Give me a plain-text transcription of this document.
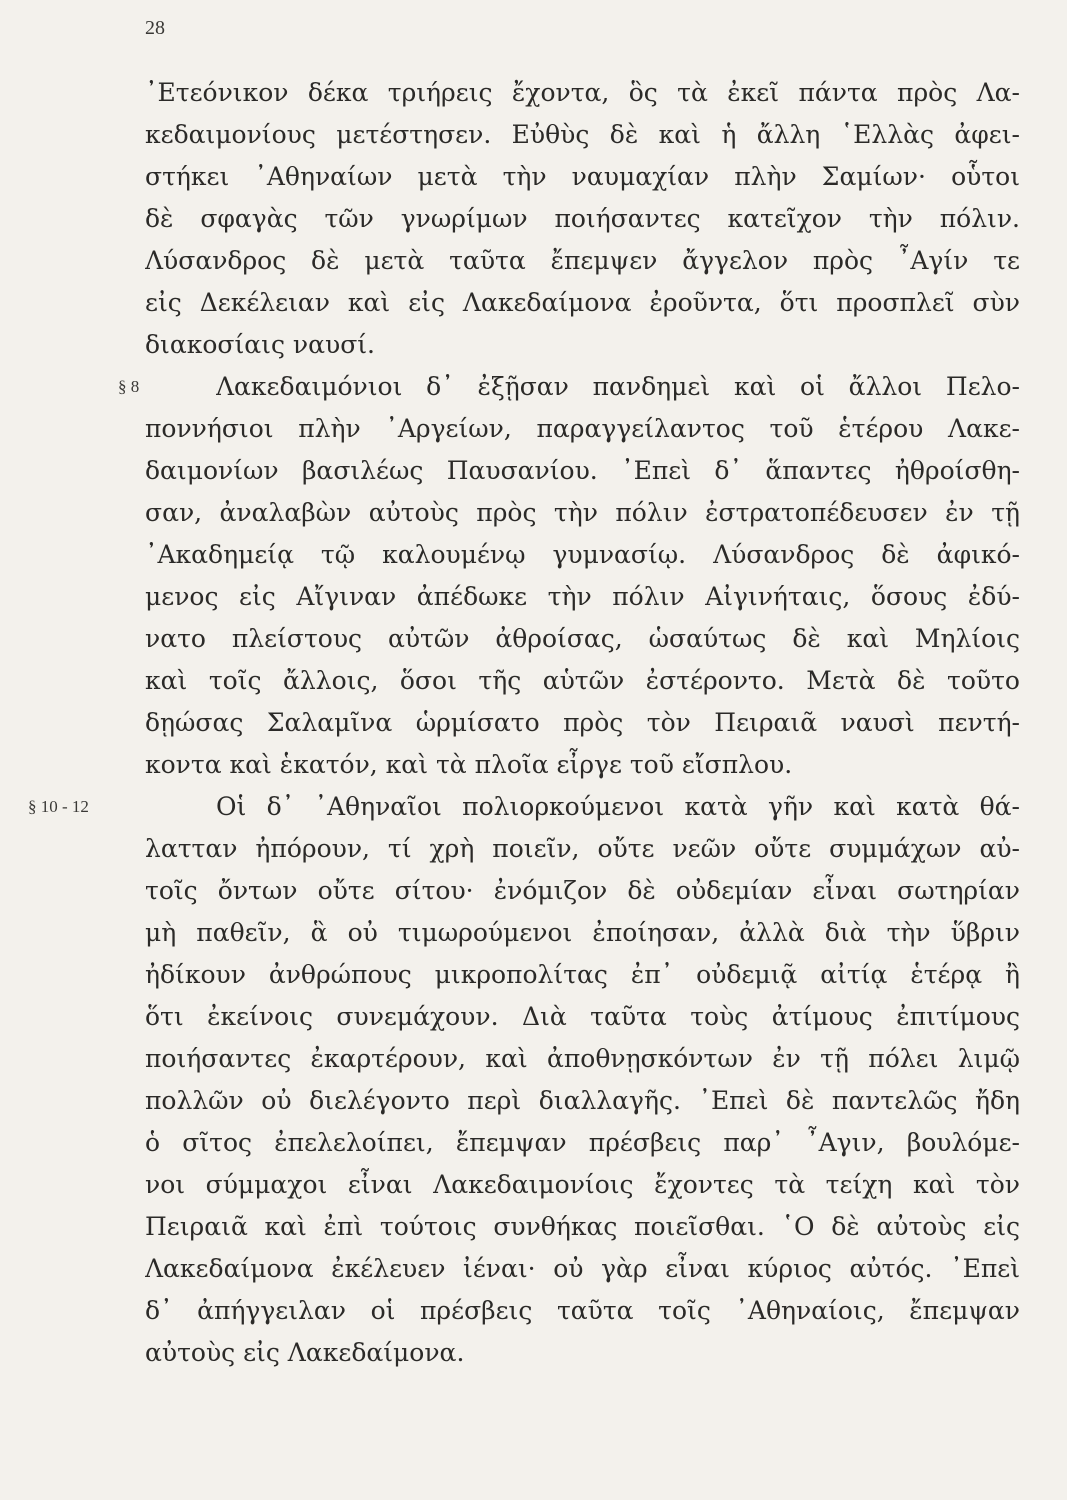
28
᾿Ετεόνικον δέκα τριήρεις ἔχοντα, ὃς τὰ ἐκεῖ πάντα πρὸς Λα-
κεδαιμονίους μετέστησεν. Εὐθὺς δὲ καὶ ἡ ἄλλη ῾Ελλὰς ἀφει-
στήκει ᾿Αθηναίων μετὰ τὴν ναυμαχίαν πλὴν Σαμίων· οὗτοι
δὲ σφαγὰς τῶν γνωρίμων ποιήσαντες κατεῖχον τὴν πόλιν.
Λύσανδρος δὲ μετὰ ταῦτα ἔπεμψεν ἄγγελον πρὸς ῏Αγίν τε
εἰς Δεκέλειαν καὶ εἰς Λακεδαίμονα ἐροῦντα, ὅτι προσπλεῖ σὺν
διακοσίαις ναυσί.
§ 8	Λακεδαιμόνιοι δ᾿ ἐξῇσαν πανδημεὶ καὶ οἱ ἄλλοι Πελο-
ποννήσιοι πλὴν ᾿Αργείων, παραγγείλαντος τοῦ ἑτέρου Λακε-
δαιμονίων βασιλέως Παυσανίου. ᾿Επεὶ δ᾿ ἅπαντες ἠθροίσθη-
σαν, ἀναλαβὼν αὐτοὺς πρὸς τὴν πόλιν ἐστρατοπέδευσεν ἐν τῇ
᾿Ακαδημείᾳ τῷ καλουμένῳ γυμνασίῳ. Λύσανδρος δὲ ἀφικό-
μενος εἰς Αἴγιναν ἀπέδωκε τὴν πόλιν Αἰγινήταις, ὅσους ἐδύ-
νατο πλείστους αὐτῶν ἀθροίσας, ὡσαύτως δὲ καὶ Μηλίοις
καὶ τοῖς ἄλλοις, ὅσοι τῆς αὑτῶν ἐστέροντο. Μετὰ δὲ τοῦτο
δῃώσας Σαλαμῖνα ὡρμίσατο πρὸς τὸν Πειραιᾶ ναυσὶ πεντή-
κοντα καὶ ἑκατόν, καὶ τὰ πλοῖα εἶργε τοῦ εἴσπλου.
§ 10 - 12	Οἱ δ᾿ ᾿Αθηναῖοι πολιορκούμενοι κατὰ γῆν καὶ κατὰ θά-
λατταν ἠπόρουν, τί χρὴ ποιεῖν, οὔτε νεῶν οὔτε συμμάχων αὐ-
τοῖς ὄντων οὔτε σίτου· ἐνόμιζον δὲ οὐδεμίαν εἶναι σωτηρίαν
μὴ παθεῖν, ἃ οὐ τιμωρούμενοι ἐποίησαν, ἀλλὰ διὰ τὴν ὕβριν
ἠδίκουν ἀνθρώπους μικροπολίτας ἐπ᾿ οὐδεμιᾷ αἰτίᾳ ἑτέρᾳ ἢ
ὅτι ἐκείνοις συνεμάχουν. Διὰ ταῦτα τοὺς ἀτίμους ἐπιτίμους
ποιήσαντες ἐκαρτέρουν, καὶ ἀποθνῃσκόντων ἐν τῇ πόλει λιμῷ
πολλῶν οὐ διελέγοντο περὶ διαλλαγῆς. ᾿Επεὶ δὲ παντελῶς ἤδη
ὁ σῖτος ἐπελελοίπει, ἔπεμψαν πρέσβεις παρ᾿ ῏Αγιν, βουλόμε-
νοι σύμμαχοι εἶναι Λακεδαιμονίοις ἔχοντες τὰ τείχη καὶ τὸν
Πειραιᾶ καὶ ἐπὶ τούτοις συνθήκας ποιεῖσθαι. ῾Ο δὲ αὐτοὺς εἰς
Λακεδαίμονα ἐκέλευεν ἰέναι· οὐ γὰρ εἶναι κύριος αὐτός. ᾿Επεὶ
δ᾿ ἀπήγγειλαν οἱ πρέσβεις ταῦτα τοῖς ᾿Αθηναίοις, ἔπεμψαν
αὐτοὺς εἰς Λακεδαίμονα.
